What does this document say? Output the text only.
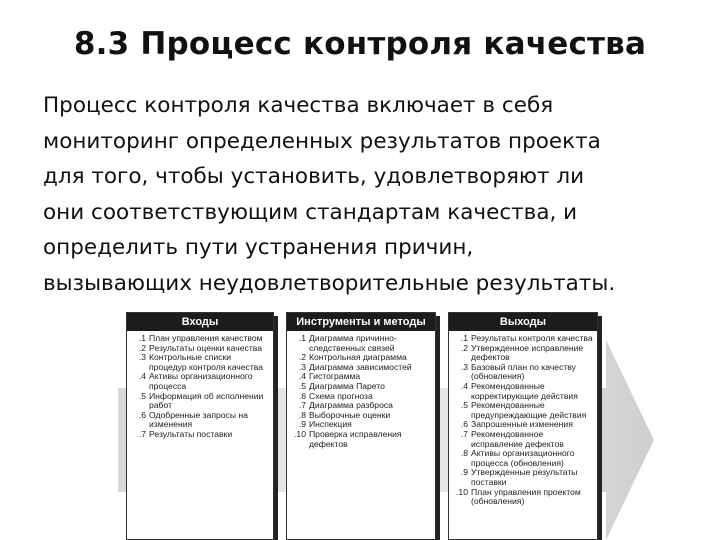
8.3 Процесс контроля качества
Процесс контроля качества включает в себя
мониторинг определенных результатов проекта
для того, чтобы установить, удовлетворяют ли
они соответствующим стандартам качества, и
определить пути устранения причин,
вызывающих неудовлетворительные результаты.
Входы
.1 План управления качеством
.2 Результаты оценки качества
.3 Контрольные списки процедур контроля качества
.4 Активы организационного процесса
.5 Информация об исполнении работ
.6 Одобренные запросы на изменения
.7 Результаты поставки
Инструменты и методы
.1 Диаграмма причинно-следственных связей
.2 Контрольная диаграмма
.3 Диаграмма зависимостей
.4 Гистограмма
.5 Диаграмма Парето
.6 Схема прогноза
.7 Диаграмма разброса
.8 Выборочные оценки
.9 Инспекция
.10 Проверка исправления дефектов
Выходы
.1 Результаты контроля качества
.2 Утвержденное исправление дефектов
.3 Базовый план по качеству (обновления)
.4 Рекомендованные корректирующие действия
.5 Рекомендованные предупреждающие действия
.6 Запрошенные изменения
.7 Рекомендованное исправление дефектов
.8 Активы организационного процесса (обновления)
.9 Утвержденные результаты поставки
.10 План управления проектом (обновления)
